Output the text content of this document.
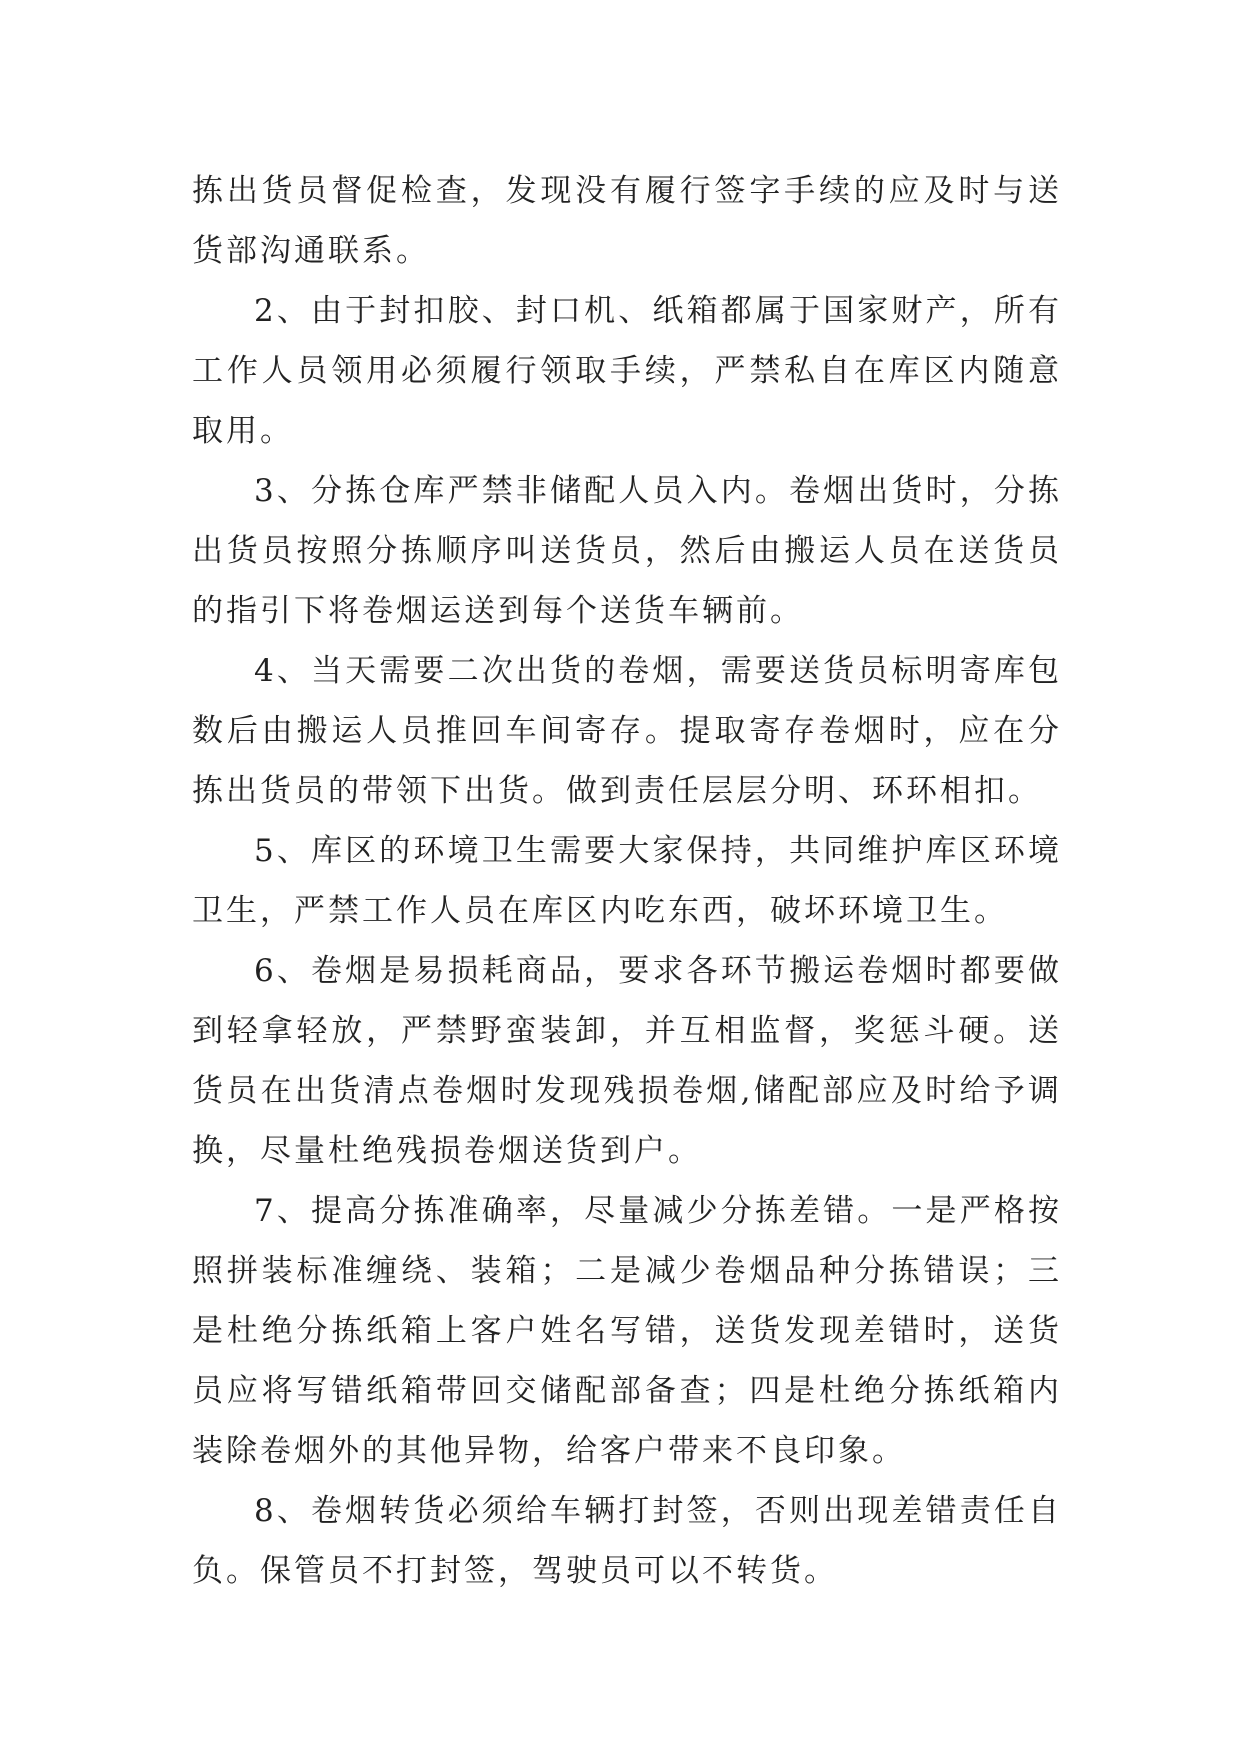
拣出货员督促检查，发现没有履行签字手续的应及时与送货部沟通联系。

2、由于封扣胶、封口机、纸箱都属于国家财产，所有工作人员领用必须履行领取手续，严禁私自在库区内随意取用。

3、分拣仓库严禁非储配人员入内。卷烟出货时，分拣出货员按照分拣顺序叫送货员，然后由搬运人员在送货员的指引下将卷烟运送到每个送货车辆前。

4、当天需要二次出货的卷烟，需要送货员标明寄库包数后由搬运人员推回车间寄存。提取寄存卷烟时，应在分拣出货员的带领下出货。做到责任层层分明、环环相扣。

5、库区的环境卫生需要大家保持，共同维护库区环境卫生，严禁工作人员在库区内吃东西，破坏环境卫生。

6、卷烟是易损耗商品，要求各环节搬运卷烟时都要做到轻拿轻放，严禁野蛮装卸，并互相监督，奖惩斗硬。送货员在出货清点卷烟时发现残损卷烟,储配部应及时给予调换，尽量杜绝残损卷烟送货到户。

7、提高分拣准确率，尽量减少分拣差错。一是严格按照拼装标准缠绕、装箱；二是减少卷烟品种分拣错误；三是杜绝分拣纸箱上客户姓名写错，送货发现差错时，送货员应将写错纸箱带回交储配部备查；四是杜绝分拣纸箱内装除卷烟外的其他异物，给客户带来不良印象。

8、卷烟转货必须给车辆打封签，否则出现差错责任自负。保管员不打封签，驾驶员可以不转货。
